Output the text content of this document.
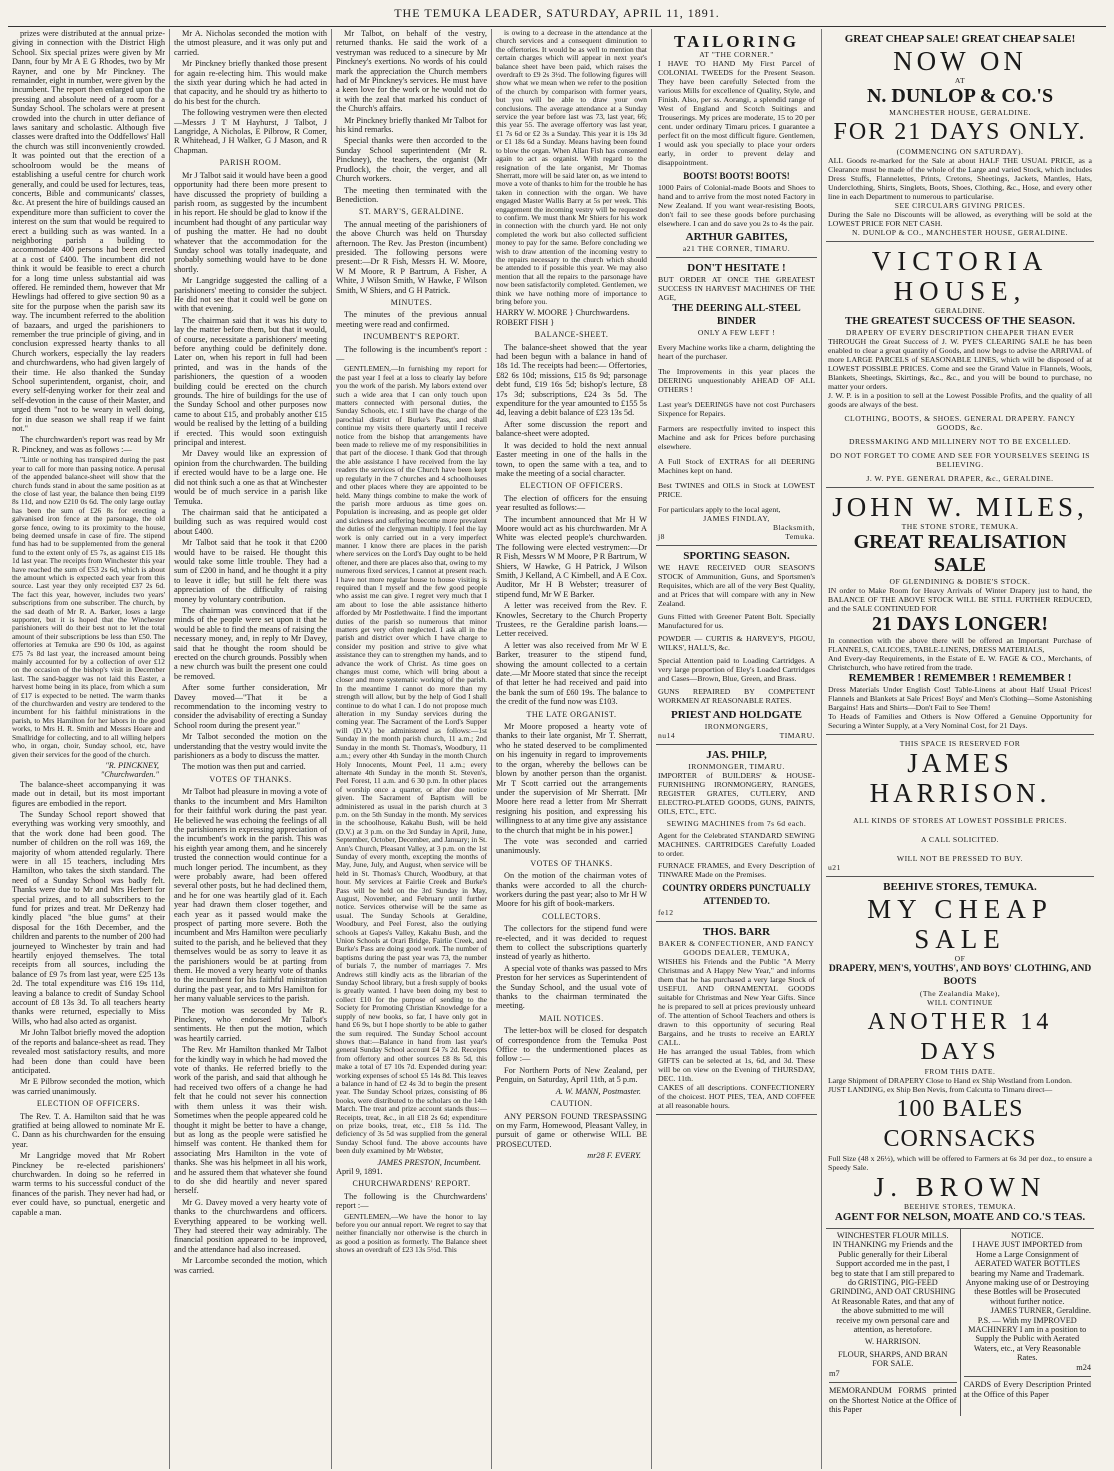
THE TEMUKA LEADER, SATURDAY, APRIL 11, 1891.

prizes were distributed at the annual prize-giving in connection with the District High School. Six special prizes were given by Mr Dann, four by Mr A E G Rhodes, two by Mr Rayner, and one by Mr Pinckney. The remainder, eight in number, were given by the incumbent. The report then enlarged upon the pressing and absolute need of a room for a Sunday School. The scholars were at present crowded into the church in utter defiance of laws sanitary and scholastic. Although five classes were drafted into the Oddfellows' Hall the church was still inconveniently crowded. It was pointed out that the erection of a schoolroom would be the means of establishing a useful centre for church work generally, and could be used for lectures, teas, concerts, Bible and communicants' classes, &c. At present the hire of buildings caused an expenditure more than sufficient to cover the interest on the sum that would be required to erect a building such as was wanted. In a neighboring parish a building to accommodate 400 persons had been erected at a cost of £400. The incumbent did not think it would be feasible to erect a church for a long time unless substantial aid was offered. He reminded them, however that Mr Hewlings had offered to give section 90 as a site for the purpose when the parish saw its way. The incumbent referred to the abolition of bazaars, and urged the parishioners to remember the true principle of giving, and in conclusion expressed hearty thanks to all Church workers, especially the lay readers and churchwardens, who had given largely of their time. He also thanked the Sunday School superintendent, organist, choir, and every self-denying worker for their zeal and self-devotion in the cause of their Master, and urged them "not to be weary in well doing, for in due season we shall reap if we faint not."

The churchwarden's report was read by Mr R. Pinckney, and was as follows :—

"Little or nothing has transpired during the past year to call for more than passing notice. A perusal of the appended balance-sheet will show that the church funds stand in about the same position as at the close of last year, the balance then being £199 8s 11d, and now £210 0s 6d. The only large outlay has been the sum of £26 8s for erecting a galvanised iron fence at the parsonage, the old gorse fence, owing to its proximity to the house, being deemed unsafe in case of fire. The stipend fund has had to be supplemented from the general fund to the extent only of £5 7s, as against £15 18s 1d last year. The receipts from Winchester this year have reached the sum of £53 2s 6d, which is about the amount which is expected each year from this source. Last year they only receipted £37 2s 6d. The fact this year, however, includes two years' subscriptions from one subscriber. The church, by the sad death of Mr R. A. Barker, loses a large supporter, but it is hoped that the Winchester parishioners will do their best not to let the total amount of their subscriptions be less than £50. The offertories at Temuka are £90 0s 10d, as against £75 7s 8d last year, the increased amount being mainly accounted for by a collection of over £12 on the occasion of the bishop's visit in December last. The sand-bagger was not laid this Easter, a harvest home being in its place, from which a sum of £17 is expected to be netted. The warm thanks of the churchwarden and vestry are tendered to the incumbent for his faithful ministrations in the parish, to Mrs Hamilton for her labors in the good works, to Mrs H. R. Smith and Messrs Hoare and Smallridge for collecting, and to all willing helpers who, in organ, choir, Sunday school, etc, have given their services for the good of the church.

"R. PINCKNEY,
"Churchwarden."

The balance-sheet accompanying it was made out in detail, but its most important figures are embodied in the report.

The Sunday School report showed that everything was working very smoothly, and that the work done had been good. The number of children on the roll was 169, the majority of whom attended regularly. There were in all 15 teachers, including Mrs Hamilton, who takes the sixth standard. The need of a Sunday School was badly felt. Thanks were due to Mr and Mrs Herbert for special prizes, and to all subscribers to the fund for prizes and treat. Mr DeRenzy had kindly placed "the blue gums" at their disposal for the 16th December, and the children and parents to the number of 200 had journeyed to Winchester by train and had heartily enjoyed themselves. The total receipts from all sources, including the balance of £9 7s from last year, were £25 13s 2d. The total expenditure was £16 19s 11d, leaving a balance to credit of Sunday School account of £8 13s 3d. To all teachers hearty thanks were returned, especially to Miss Wills, who had also acted as organist.

Mr John Talbot briefly moved the adoption of the reports and balance-sheet as read. They revealed most satisfactory results, and more had been done than could have been anticipated.

Mr E Pilbrow seconded the motion, which was carried unanimously.

ELECTION OF OFFICERS.

The Rev. T. A. Hamilton said that he was gratified at being allowed to nominate Mr E. C. Dann as his churchwarden for the ensuing year.

Mr Langridge moved that Mr Robert Pinckney be re-elected parishioners' churchwarden. In doing so he referred in warm terms to his successful conduct of the finances of the parish. They never had had, or ever could have, so punctual, energetic and capable a man.

Mr A. Nicholas seconded the motion with the utmost pleasure, and it was only put and carried.

Mr Pinckney briefly thanked those present for again re-electing him. This would make the sixth year during which he had acted in that capacity, and he should try as hitherto to do his best for the church.

The following vestrymen were then elected—Messrs J T M Hayhurst, J Talbot, J Langridge, A Nicholas, E Pilbrow, R Comer, R Whitehead, J H Walker, G J Mason, and R Chapman.

PARISH ROOM.

Mr J Talbot said it would have been a good opportunity had there been more present to have discussed the propriety of building a parish room, as suggested by the incumbent in his report. He should be glad to know if the incumbent had thought of any particular way of pushing the matter. He had no doubt whatever that the accommodation for the Sunday school was totally inadequate, and probably something would have to be done shortly.

Mr Langridge suggested the calling of a parishioners' meeting to consider the subject. He did not see that it could well be gone on with that evening.

The chairman said that it was his duty to lay the matter before them, but that it would, of course, necessitate a parishioners' meeting before anything could be definitely done. Later on, when his report in full had been printed, and was in the hands of the parishioners, the question of a wooden building could be erected on the church grounds. The hire of buildings for the use of the Sunday School and other purposes now came to about £15, and probably another £15 would be realised by the letting of a building if erected. This would soon extinguish principal and interest.

Mr Davey would like an expression of opinion from the churchwarden. The building if erected would have to be a large one. He did not think such a one as that at Winchester would be of much service in a parish like Temuka.

The chairman said that he anticipated a building such as was required would cost about £400.

Mr Talbot said that he took it that £200 would have to be raised. He thought this would take some little trouble. They had a sum of £200 in hand, and he thought it a pity to leave it idle; but still he felt there was appreciation of the difficulty of raising money by voluntary contribution.

The chairman was convinced that if the minds of the people were set upon it that he would be able to find the means of raising the necessary money, and, in reply to Mr Davey, said that he thought the room should be erected on the church grounds. Possibly when a new church was built the present one could be removed.

After some further consideration, Mr Davey moved—"That it be a recommendation to the incoming vestry to consider the advisability of erecting a Sunday School room during the present year."

Mr Talbot seconded the motion on the understanding that the vestry would invite the parishioners as a body to discuss the matter.

The motion was then put and carried.

VOTES OF THANKS.

Mr Talbot had pleasure in moving a vote of thanks to the incumbent and Mrs Hamilton for their faithful work during the past year. He believed he was echoing the feelings of all the parishioners in expressing appreciation of the incumbent's work in the parish. This was his eighth year among them, and he sincerely trusted the connection would continue for a much longer period. The incumbent, as they were probably aware, had been offered several other posts, but he had declined them, and he for one was heartily glad of it. Each year had drawn them closer together, and each year as it passed would make the prospect of parting more severe. Both the incumbent and Mrs Hamilton were peculiarly suited to the parish, and he believed that they themselves would be as sorry to leave it as the parishioners would be at parting from them. He moved a very hearty vote of thanks to the incumbent for his faithful ministration during the past year, and to Mrs Hamilton for her many valuable services to the parish.

The motion was seconded by Mr R. Pinckney, who endorsed Mr Talbot's sentiments. He then put the motion, which was heartily carried.

The Rev. Mr Hamilton thanked Mr Talbot for the kindly way in which he had moved the vote of thanks. He referred briefly to the work of the parish, and said that although he had received two offers of a change he had felt that he could not sever his connection with them unless it was their wish. Sometimes when the people appeared cold he thought it might be better to have a change, but as long as the people were satisfied he himself was content. He thanked them for associating Mrs Hamilton in the vote of thanks. She was his helpmeet in all his work, and he assured them that whatever she found to do she did heartily and never spared herself.

Mr G. Davey moved a very hearty vote of thanks to the churchwardens and officers. Everything appeared to be working well. They had steered their way admirably. The financial position appeared to be improved, and the attendance had also increased.

Mr Larcombe seconded the motion, which was carried.

Mr Talbot, on behalf of the vestry, returned thanks. He said the work of a vestryman was reduced to a sinecure by Mr Pinckney's exertions. No words of his could mark the appreciation the Church members had of Mr Pinckney's services. He must have a keen love for the work or he would not do it with the zeal that marked his conduct of the Church's affairs.

Mr Pinckney briefly thanked Mr Talbot for his kind remarks.

Special thanks were then accorded to the Sunday School superintendent (Mr R. Pinckney), the teachers, the organist (Mr Prudlock), the choir, the verger, and all Church workers.

The meeting then terminated with the Benediction.

ST. MARY'S, GERALDINE.

The annual meeting of the parishioners of the above Church was held on Thursday afternoon. The Rev. Jas Preston (incumbent) presided. The following persons were present:—Dr R Fish, Messrs H. W. Moore, W M Moore, R P Bartrum, A Fisher, A White, J Wilson Smith, W Hawke, F Wilson Smith, W Shiers, and G H Patrick.

MINUTES.

The minutes of the previous annual meeting were read and confirmed.

INCUMBENT'S REPORT.

The following is the incumbent's report :—

GENTLEMEN,—In furnishing my report for the past year I feel at a loss to clearly lay before you the work of the parish. My labors extend over such a wide area that I can only touch upon matters connected with personal duties, the Sunday Schools, etc. I still have the charge of the parochial district of Burke's Pass, and shall continue my visits there quarterly until I receive notice from the bishop that arrangements have been made to relieve me of my responsibilities in that part of the diocese. I thank God that through the able assistance I have received from the lay readers the services of the Church have been kept up regularly in the 7 churches and 4 schoolhouses and other places where they are appointed to be held. Many things combine to make the work of the parish more arduous as time goes on. Population is increasing, and as people get older and sickness and suffering become more prevalent the duties of the clergyman multiply. I feel the lay work is only carried out in a very imperfect manner. I know there are places in the parish where services on the Lord's Day ought to be held oftener, and there are places also that, owing to my numerous fixed services, I cannot at present reach. I have not more regular house to house visiting is required than I myself and the few good people who assist me can give. I regret very much that I am about to lose the able assistance hitherto afforded by Mr Postlethwaite. I find the important duties of the parish so numerous that minor matters get very often neglected. I ask all in the parish and district over which I have charge to consider my position and strive to give what assistance they can to strengthen my hands, and to advance the work of Christ. As time goes on changes must come, which will bring about a closer and more systematic working of the parish. In the meantime I cannot do more than my strength will allow, but by the help of God I shall continue to do what I can. I do not propose much alteration in my Sunday services during the coming year. The Sacrament of the Lord's Supper will (D.V.) be administered as follows:—1st Sunday in the month parish church, 11 a.m.; 2nd Sunday in the month St. Thomas's, Woodbury, 11 a.m.; every other 4th Sunday in the month Church Holy Innocents, Mount Peel, 11 a.m.; every alternate 4th Sunday in the month St. Steven's, Peel Forest, 11 a.m. and 6 30 p.m. In other places of worship once a quarter, or after due notice given. The Sacrament of Baptism will be administered as usual in the parish church at 3 p.m. on the 5th Sunday in the month. My services in the schoolhouse, Kakahu Bush, will be held (D.V.) at 3 p.m. on the 3rd Sunday in April, June, September, October, December, and January; in St. Ann's Church, Pleasant Valley, at 3 p.m. on the 1st Sunday of every month, excepting the months of May, June, July, and August, when service will be held in St. Thomas's Church, Woodbury, at that hour. My services at Fairlie Creek and Burke's Pass will be held on the 3rd Sunday in May, August, November, and February until further notice. Services otherwise will be the same as usual. The Sunday Schools at Geraldine, Woodbury, and Peel Forest, also the outlying schools at Gapes's Valley, Kakahu Bush, and the Union Schools at Orari Bridge, Fairlie Creek, and Burke's Pass are doing good work. The number of baptisms during the past year was 73, the number of burials 7, the number of marriages 7. Mrs Andrews still kindly acts as the librarian of the Sunday School library, but a fresh supply of books is greatly wanted. I have been doing my best to collect £10 for the purpose of sending to the Society for Promoting Christian Knowledge for a supply of new books, so far, I have only got in hand £6 9s, but I hope shortly to be able to gather the sum required. The Sunday School account shows that:—Balance in hand from last year's general Sunday School account £4 7s 2d. Receipts from offertory and other sources £8 8s 5d, this make a total of £7 10s 7d. Expended during year: working expenses of school £5 14s 8d. This leaves a balance in hand of £2 4s 3d to begin the present year. The Sunday School prizes, consisting of 86 books, were distributed to the scholars on the 14th March. The treat and prize account stands thus:—Receipts, treat, &c., in all £18 2s 6d; expenditure on prize books, treat, etc., £18 5s 11d. The deficiency of 3s 5d was supplied from the general Sunday School fund. The above accounts have been duly examined by Mr Webster,

JAMES PRESTON, Incumbent.
April 9, 1891.
CHURCHWARDENS' REPORT.

The following is the Churchwardens' report :—

GENTLEMEN,—We have the honor to lay before you our annual report. We regret to say that neither financially nor otherwise is the church in as good a position as formerly. The Balance sheet shows an overdraft of £23 13s 5½d. This

is owing to a decrease in the attendance at the church services and a consequent diminution to the offertories. It would be as well to mention that certain charges which will appear in next year's balance sheet have been paid, which raises the overdraft to £9 2s 3½d. The following figures will show what we mean when we refer to the position of the church by comparison with former years, but you will be able to draw your own conclusions. The average attendance at a Sunday service the year before last was 73, last year, 66; this year 55. The average offertory was last year, £1 7s 6d or £2 3s a Sunday. This year it is 19s 3d or £1 18s 6d a Sunday. Means having been found to blow the organ. When Allan Fish has consented again to act as organist. With regard to the resignation of the late organist, Mr Thomas Sherratt, more will be said later on, as we intend to move a vote of thanks to him for the trouble he has taken in connection with the organ. We have engaged Master Wallis Barry at 5s per week. This engagement the incoming vestry will be requested to confirm. We must thank Mr Shiers for his work in connection with the church yard. He not only completed the work but also collected sufficient money to pay for the same. Before concluding we wish to draw attention of the incoming vestry to the repairs necessary to the church which should be attended to if possible this year. We may also mention that all the repairs to the parsonage have now been satisfactorily completed. Gentlemen, we think we have nothing more of importance to bring before you.

HARRY W. MOORE } Churchwardens.
ROBERT FISH }
BALANCE-SHEET.

The balance-sheet showed that the year had been begun with a balance in hand of 18s 1d. The receipts had been:— Offertories, £82 6s 10d; missions, £15 8s 9d; parsonage debt fund, £19 16s 5d; bishop's lecture, £8 17s 3d; subscriptions, £24 3s 5d. The expenditure for the year amounted to £155 5s 4d, leaving a debit balance of £23 13s 5d.

After some discussion the report and balance-sheet were adopted.

It was decided to hold the next annual Easter meeting in one of the halls in the town, to open the same with a tea, and to make the meeting of a social character.

ELECTION OF OFFICERS.

The election of officers for the ensuing year resulted as follows:—

The incumbent announced that Mr H W Moore would act as his churchwarden. Mr A White was elected people's churchwarden. The following were elected vestrymen:—Dr R Fish, Messrs W M Moore, P R Bartrum, W Shiers, W Hawke, G H Patrick, J Wilson Smith, J Kelland, A C Kimbell, and A E Cox. Auditor, Mr H B Webster; treasurer of stipend fund, Mr W E Barker.

A letter was received from the Rev. F. Knowles, Secretary to the Church Property Trustees, re the Geraldine parish loans.—Letter received.

A letter was also received from Mr W E Barker, treasurer to the stipend fund, showing the amount collected to a certain date.—Mr Moore stated that since the receipt of that letter he had received and paid into the bank the sum of £60 19s. The balance to the credit of the fund now was £103.

THE LATE ORGANIST.

Mr Moore proposed a hearty vote of thanks to their late organist, Mr T. Sherratt, who he stated deserved to be complimented on his ingenuity in regard to improvements to the organ, whereby the bellows can be blown by another person than the organist. Mr T Scott carried out the arrangements under the supervision of Mr Sherratt. [Mr Moore here read a letter from Mr Sherratt resigning his position, and expressing his willingness to at any time give any assistance to the church that might be in his power.]

The vote was seconded and carried unanimously.

VOTES OF THANKS.

On the motion of the chairman votes of thanks were accorded to all the church-workers during the past year; also to Mr H W Moore for his gift of book-markers.

COLLECTORS.

The collectors for the stipend fund were re-elected, and it was decided to request them to collect the subscriptions quarterly instead of yearly as hitherto.

A special vote of thanks was passed to Mrs Preston for her services as Superintendent of the Sunday School, and the usual vote of thanks to the chairman terminated the meeting.

MAIL NOTICES.

The letter-box will be closed for despatch of correspondence from the Temuka Post Office to the undermentioned places as follow :—

For Northern Ports of New Zealand, per Penguin, on Saturday, April 11th, at 5 p.m.

A. W. MANN, Postmaster.
CAUTION.

ANY PERSON FOUND TRESPASSING on my Farm, Homewood, Pleasant Valley, in pursuit of game or otherwise WILL BE PROSECUTED.

mr28 F. EVERY.
TAILORING
AT "THE CORNER."
I HAVE TO HAND My First Parcel of COLONIAL TWEEDS for the Present Season. They have been carefully Selected from the various Mills for excellence of Quality, Style, and Finish. Also, per ss. Aorangi, a splendid range of West of England and Scotch Suitings and Trouserings. My prices are moderate, 15 to 20 per cent. under ordinary Timaru prices. I guarantee a perfect fit on the most difficult figure. Gentlemen, I would ask you specially to place your orders early, in order to prevent delay and disappointment.
BOOTS! BOOTS! BOOTS!
1000 Pairs of Colonial-made Boots and Shoes to hand and to arrive from the most noted Factory in New Zealand. If you want wear-resisting Boots, don't fail to see these goods before purchasing elsewhere. I can and do save you 2s to 4s the pair.
ARTHUR GABITES,
a21 THE CORNER, TIMARU.
DON'T HESITATE !
BUT ORDER AT ONCE THE GREATEST SUCCESS IN HARVEST MACHINES OF THE AGE,
THE DEERING ALL-STEEL BINDER
ONLY A FEW LEFT !
Every Machine works like a charm, delighting the heart of the purchaser.
The Improvements in this year places the DEERING unquestionably AHEAD OF ALL OTHERS !
Last year's DEERINGS have not cost Purchasers Sixpence for Repairs.
Farmers are respectfully invited to inspect this Machine and ask for Prices before purchasing elsewhere.
A Full Stock of EXTRAS for all DEERING Machines kept on hand.
Best TWINES and OILS in Stock at LOWEST PRICE.
For particulars apply to the local agent,
JAMES FINDLAY,
Blacksmith,
j8	Temuka.
SPORTING SEASON.
WE HAVE RECEIVED OUR SEASON'S STOCK of Ammunition, Guns, and Sportsmen's Requisites, which are all of the very Best Quality, and at Prices that will compare with any in New Zealand.
Guns Fitted with Greener Patent Bolt. Specially Manufactured for us.
POWDER — CURTIS & HARVEY'S, PIGOU, WILKS', HALL'S, &c.
Special Attention paid to Loading Cartridges. A very large proportion of Eley's Loaded Cartridges and Cases—Brown, Blue, Green, and Brass.
GUNS REPAIRED BY COMPETENT WORKMEN AT REASONABLE RATES.
PRIEST AND HOLDGATE
IRONMONGERS,
nu14	TIMARU.
JAS. PHILP,
IRONMONGER, TIMARU.
IMPORTER of BUILDERS' & HOUSE-FURNISHING IRONMONGERY, RANGES, REGISTER GRATES, CUTLERY, AND ELECTRO-PLATED GOODS, GUNS, PAINTS, OILS, ETC., ETC.
SEWING MACHINES from 7s 6d each.
Agent for the Celebrated STANDARD SEWING MACHINES. CARTRIDGES Carefully Loaded to order.
FURNACE FRAMES, and Every Description of TINWARE Made on the Premises.
COUNTRY ORDERS PUNCTUALLY ATTENDED TO.
fe12
THOS. BARR
BAKER & CONFECTIONER, AND FANCY GOODS DEALER, TEMUKA,
WISHES his Friends and the Public "A Merry Christmas and A Happy New Year," and informs them that he has purchased a very large Stock of USEFUL AND ORNAMENTAL GOODS suitable for Christmas and New Year Gifts. Since he is prepared to sell at prices previously unheard of. The attention of School Teachers and others is drawn to this opportunity of securing Real Bargains, and he trusts to receive an EARLY CALL.
He has arranged the usual Tables, from which GIFTS can be selected at 1s, 6d, and 3d. These will be on view on the Evening of THURSDAY, DEC. 11th.
CAKES of all descriptions. CONFECTIONERY of the choicest. HOT PIES, TEA, AND COFFEE at all reasonable hours.
GREAT CHEAP SALE! GREAT CHEAP SALE!
NOW ON
AT
N. DUNLOP & CO.'S
MANCHESTER HOUSE, GERALDINE.
FOR 21 DAYS ONLY.
(COMMENCING ON SATURDAY).
ALL Goods re-marked for the Sale at about HALF THE USUAL PRICE, as a Clearance must be made of the whole of the Large and varied Stock, which includes Dress Stuffs, Flannelettes, Prints, Cretons, Sheetings, Jackets, Mantles, Hats, Underclothing, Shirts, Singlets, Boots, Shoes, Clothing, &c., Hose, and every other line in each Department to numerous to particularise.
SEE CIRCULARS GIVING PRICES.
During the Sale no Discounts will be allowed, as everything will be sold at the LOWEST PRICE FOR NET CASH.
N. DUNLOP & CO., MANCHESTER HOUSE, GERALDINE.
VICTORIA HOUSE,
GERALDINE.
THE GREATEST SUCCESS OF THE SEASON.
DRAPERY OF EVERY DESCRIPTION CHEAPER THAN EVER
THROUGH the Great Success of J. W. PYE'S CLEARING SALE he has been enabled to clear a great quantity of Goods, and now begs to advise the ARRIVAL of more LARGE PARCELS of SEASONABLE LINES, which will be disposed of at LOWEST POSSIBLE PRICES. Come and see the Grand Value in Flannels, Wools, Blankets, Sheetings, Skirtings, &c., &c., and you will be bound to purchase, no matter your orders.
J. W. P. is in a position to sell at the Lowest Possible Profits, and the quality of all goods are always of the best.
CLOTHING, BOOTS, & SHOES. GENERAL DRAPERY. FANCY GOODS, &c.
DRESSMAKING AND MILLINERY NOT TO BE EXCELLED.
DO NOT FORGET TO COME AND SEE FOR YOURSELVES SEEING IS BELIEVING.
J. W. PYE. GENERAL DRAPER, &c., GERALDINE.
JOHN W. MILES,
THE STONE STORE, TEMUKA.
GREAT REALISATION SALE
OF GLENDINING & DOBIE'S STOCK.
IN order to Make Room for Heavy Arrivals of Winter Drapery just to hand, the BALANCE OF THE ABOVE STOCK WILL BE STILL FURTHER REDUCED, and the SALE CONTINUED FOR
21 DAYS LONGER!
In connection with the above there will be offered an Important Purchase of FLANNELS, CALICOES, TABLE-LINENS, DRESS MATERIALS,
And Every-day Requirements, in the Estate of E. W. FAGE & CO., Merchants, of Christchurch, who have retired from the trade.
REMEMBER ! REMEMBER ! REMEMBER !
Dress Materials Under English Cost! Table-Linens at about Half Usual Prices! Flannels and Blankets at Sale Prices! Boys' and Men's Clothing—Some Astonishing Bargains! Hats and Shirts—Don't Fail to See Them!
To Heads of Families and Others is Now Offered a Genuine Opportunity for Securing a Winter Supply, at a Very Nominal Cost, for 21 Days.
THIS SPACE IS RESERVED FOR
JAMES HARRISON.
ALL KINDS OF STORES AT LOWEST POSSIBLE PRICES.
A CALL SOLICITED.
WILL NOT BE PRESSED TO BUY.
u21
BEEHIVE STORES, TEMUKA.
MY CHEAP SALE
OF
DRAPERY, MEN'S, YOUTHS', AND BOYS' CLOTHING, AND BOOTS
(The Zealandia Make),
WILL CONTINUE
ANOTHER 14 DAYS
FROM THIS DATE.
Large Shipment of DRAPERY Close to Hand ex Ship Westland from London.
JUST LANDING, ex Ship Ben Nevis, from Calcutta to Timaru direct—
100 BALES CORNSACKS
Full Size (48 x 26½), which will be offered to Farmers at 6s 3d per doz., to ensure a Speedy Sale.
J. BROWN
BEEHIVE STORES, TEMUKA.
AGENT FOR NELSON, MOATE AND CO.'S TEAS.
WINCHESTER FLOUR MILLS.
IN THANKING my Friends and the Public generally for their Liberal Support accorded me in the past, I beg to state that I am still prepared to do GRISTING, PIG-FEED GRINDING, AND OAT CRUSHING At Reasonable Rates, and that any of the above submitted to me will receive my own personal care and attention, as heretofore.
W. HARRISON.
FLOUR, SHARPS, AND BRAN FOR SALE.
m7
MEMORANDUM FORMS printed on the Shortest Notice at the Office of this Paper
NOTICE.
I HAVE JUST IMPORTED from Home a Large Consignment of AERATED WATER BOTTLES bearing my Name and Trademark.
Anyone making use of or Destroying these Bottles will be Prosecuted without further notice.
JAMES TURNER, Geraldine.
P.S. — With my IMPROVED MACHINERY I am in a position to Supply the Public with Aerated Waters, etc., at Very Reasonable Rates.
m24
CARDS of Every Description Printed at the Office of this Paper
